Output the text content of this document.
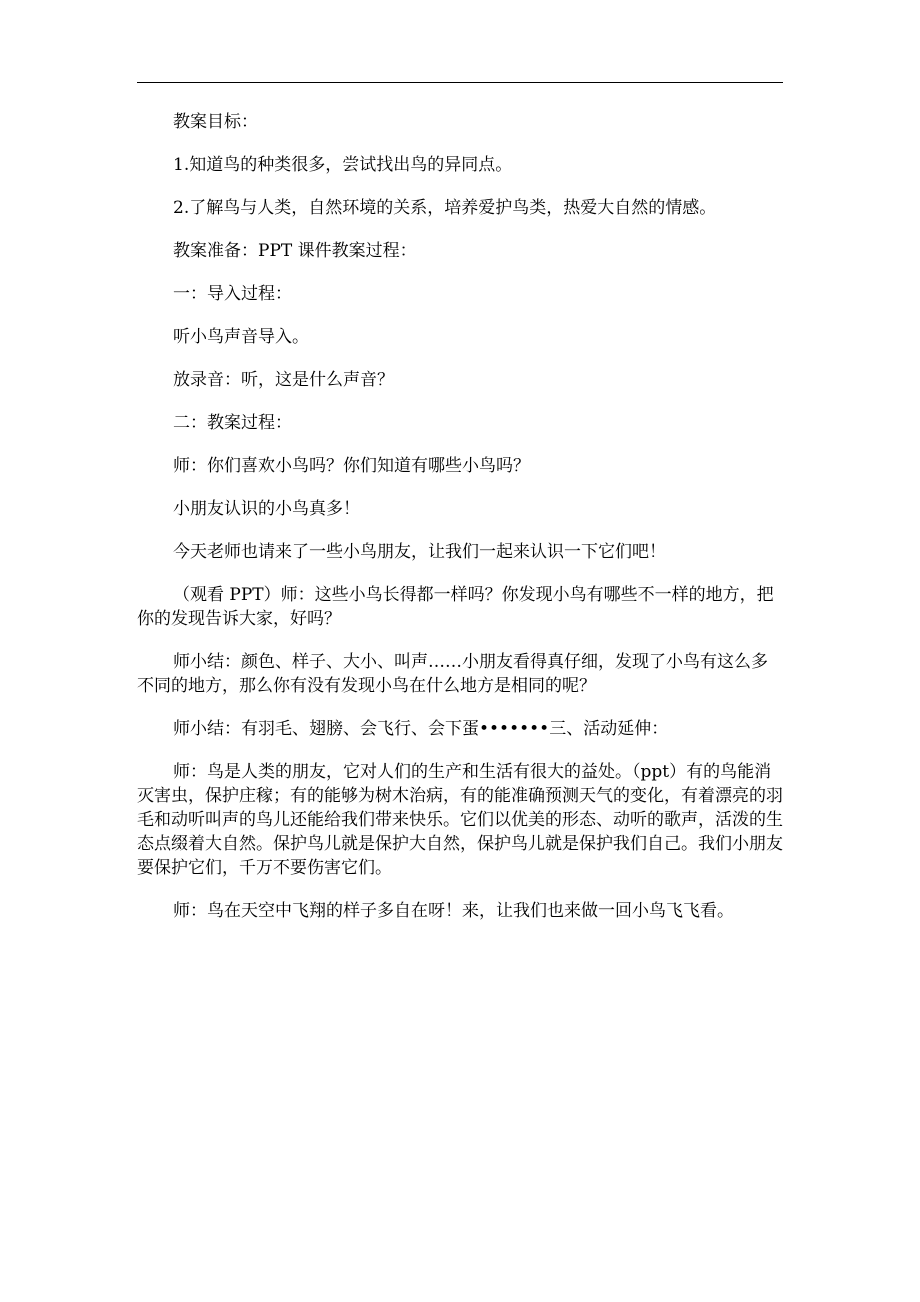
教案目标：

1.知道鸟的种类很多，尝试找出鸟的异同点。

2.了解鸟与人类，自然环境的关系，培养爱护鸟类，热爱大自然的情感。

教案准备：PPT 课件教案过程：

一：导入过程：

听小鸟声音导入。

放录音：听，这是什么声音？

二：教案过程：

师：你们喜欢小鸟吗？你们知道有哪些小鸟吗？

小朋友认识的小鸟真多！

今天老师也请来了一些小鸟朋友，让我们一起来认识一下它们吧！

（观看 PPT）师：这些小鸟长得都一样吗？你发现小鸟有哪些不一样的地方，把你的发现告诉大家，好吗？

师小结：颜色、样子、大小、叫声……小朋友看得真仔细，发现了小鸟有这么多不同的地方，那么你有没有发现小鸟在什么地方是相同的呢？

师小结：有羽毛、翅膀、会飞行、会下蛋•••••••三、活动延伸：

师：鸟是人类的朋友，它对人们的生产和生活有很大的益处。（ppt）有的鸟能消灭害虫，保护庄稼；有的能够为树木治病，有的能准确预测天气的变化，有着漂亮的羽毛和动听叫声的鸟儿还能给我们带来快乐。它们以优美的形态、动听的歌声，活泼的生态点缀着大自然。保护鸟儿就是保护大自然，保护鸟儿就是保护我们自己。我们小朋友要保护它们，千万不要伤害它们。

师：鸟在天空中飞翔的样子多自在呀！来，让我们也来做一回小鸟飞飞看。
